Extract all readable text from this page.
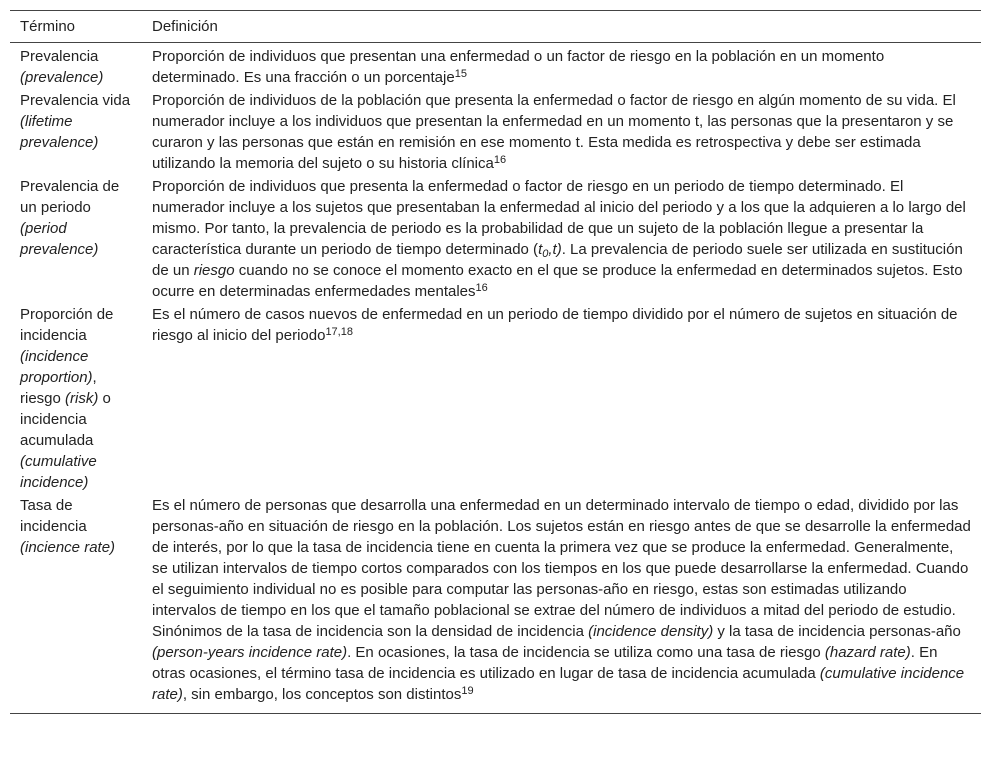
Término	Definición
Prevalencia (prevalence)	Proporción de individuos que presentan una enfermedad o un factor de riesgo en la población en un momento determinado. Es una fracción o un porcentaje$^{15}$
Prevalencia vida (lifetime prevalence)	Proporción de individuos de la población que presenta la enfermedad o factor de riesgo en algún momento de su vida. El numerador incluye a los individuos que presentan la enfermedad en un momento t, las personas que la presentaron y se curaron y las personas que están en remisión en ese momento t. Esta medida es retrospectiva y debe ser estimada utilizando la memoria del sujeto o su historia clínica$^{16}$
Prevalencia de un periodo (period prevalence)	Proporción de individuos que presenta la enfermedad o factor de riesgo en un periodo de tiempo determinado. El numerador incluye a los sujetos que presentaban la enfermedad al inicio del periodo y a los que la adquieren a lo largo del mismo. Por tanto, la prevalencia de periodo es la probabilidad de que un sujeto de la población llegue a presentar la característica durante un periodo de tiempo determinado $(t_0,t)$. La prevalencia de periodo suele ser utilizada en sustitución de un riesgo cuando no se conoce el momento exacto en el que se produce la enfermedad en determinados sujetos. Esto ocurre en determinadas enfermedades mentales$^{16}$
Proporción de incidencia (incidence proportion), riesgo (risk) o incidencia acumulada (cumulative incidence)	Es el número de casos nuevos de enfermedad en un periodo de tiempo dividido por el número de sujetos en situación de riesgo al inicio del periodo$^{17,18}$
Tasa de incidencia (incience rate)	Es el número de personas que desarrolla una enfermedad en un determinado intervalo de tiempo o edad, dividido por las personas-año en situación de riesgo en la población. Los sujetos están en riesgo antes de que se desarrolle la enfermedad de interés, por lo que la tasa de incidencia tiene en cuenta la primera vez que se produce la enfermedad. Generalmente, se utilizan intervalos de tiempo cortos comparados con los tiempos en los que puede desarrollarse la enfermedad. Cuando el seguimiento individual no es posible para computar las personas-año en riesgo, estas son estimadas utilizando intervalos de tiempo en los que el tamaño poblacional se extrae del número de individuos a mitad del periodo de estudio. Sinónimos de la tasa de incidencia son la densidad de incidencia (incidence density) y la tasa de incidencia personas-año (person-years incidence rate). En ocasiones, la tasa de incidencia se utiliza como una tasa de riesgo (hazard rate). En otras ocasiones, el término tasa de incidencia es utilizado en lugar de tasa de incidencia acumulada (cumulative incidence rate), sin embargo, los conceptos son distintos$^{19}$
